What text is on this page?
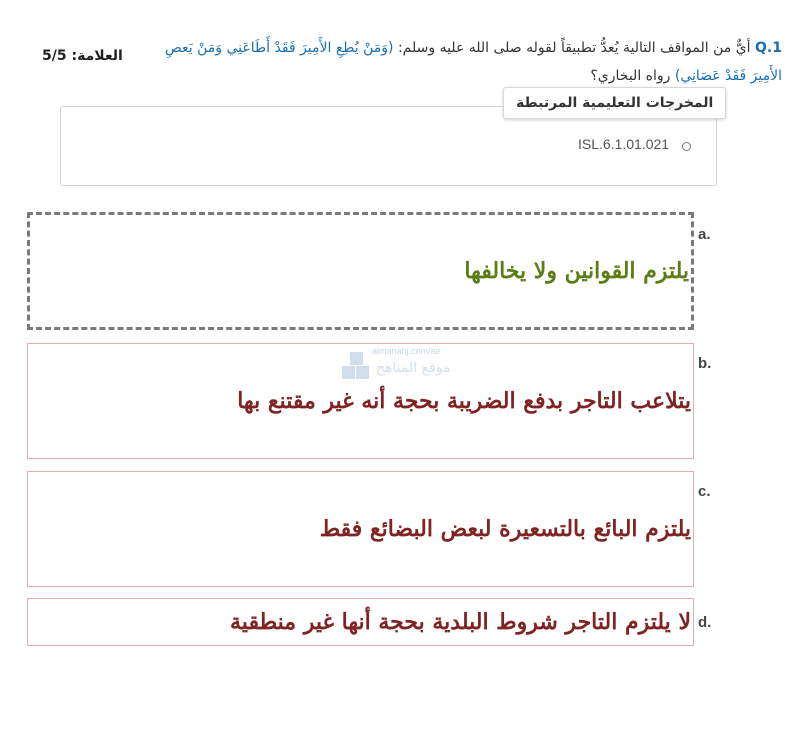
العلامة: 5/5	Q.1 أيٌّ من المواقف التالية يُعدُّ تطبيقاً لقوله صلى الله عليه وسلم: (وَمَنْ يُطِعِ الأَمِيرَ فَقَدْ أَطَاعَنِي وَمَنْ يَعصِ الأَمِيرَ فَقَدْ عَصَانِي) رواه البخاري؟
المخرجات التعليمية المرتبطة
ISL.6.1.01.021
a.
يلتزم القوانين ولا يخالفها
b.
يتلاعب التاجر بدفع الضريبة بحجة أنه غير مقتنع بها
c.
يلتزم البائع بالتسعيرة لبعض البضائع فقط
d.
لا يلتزم التاجر شروط البلدية بحجة أنها غير منطقية
almanahj.com/ae
موقع المناهج
